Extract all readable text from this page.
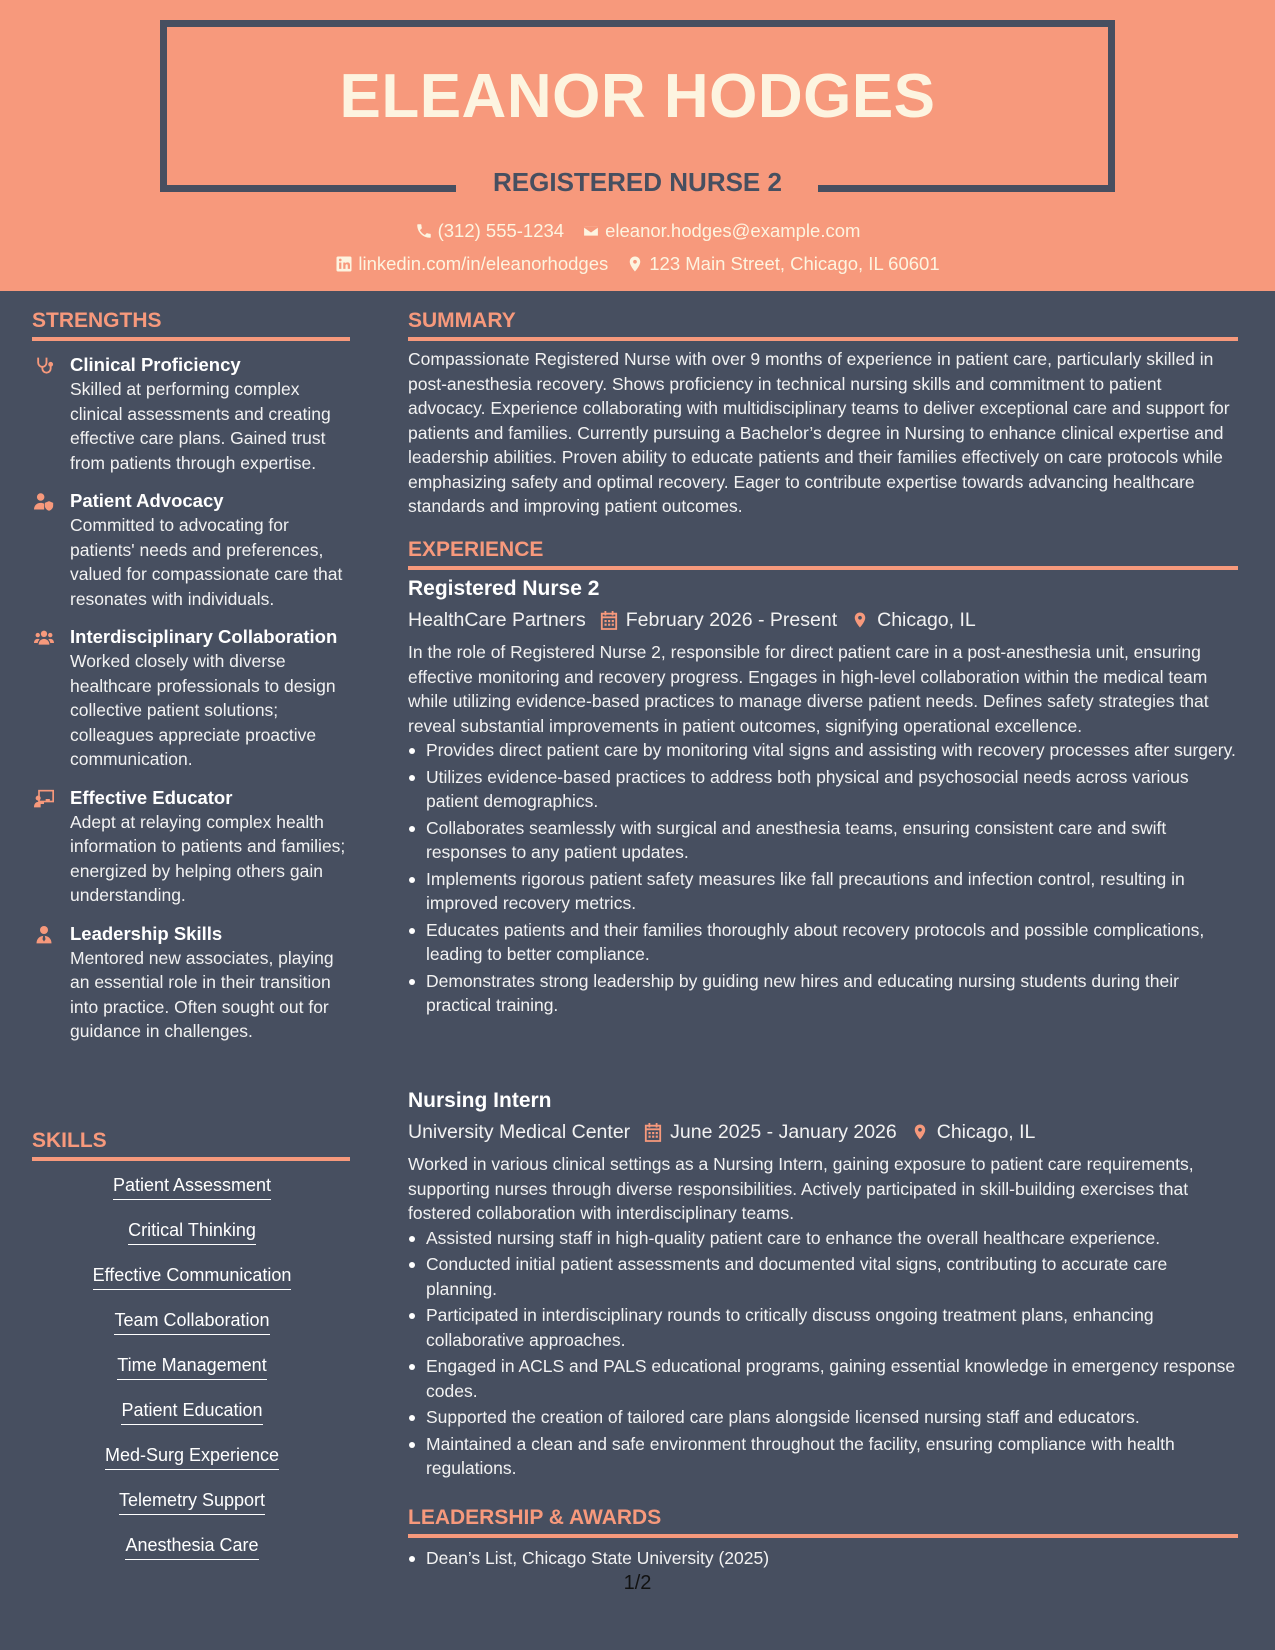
ELEANOR HODGES
REGISTERED NURSE 2
(312) 555-1234 eleanor.hodges@example.com
linkedin.com/in/eleanorhodges 123 Main Street, Chicago, IL 60601
STRENGTHS
Clinical Proficiency
Skilled at performing complex clinical assessments and creating effective care plans. Gained trust from patients through expertise.
Patient Advocacy
Committed to advocating for patients' needs and preferences, valued for compassionate care that resonates with individuals.
Interdisciplinary Collaboration
Worked closely with diverse healthcare professionals to design collective patient solutions; colleagues appreciate proactive communication.
Effective Educator
Adept at relaying complex health information to patients and families; energized by helping others gain understanding.
Leadership Skills
Mentored new associates, playing an essential role in their transition into practice. Often sought out for guidance in challenges.
SKILLS
Patient Assessment
Critical Thinking
Effective Communication
Team Collaboration
Time Management
Patient Education
Med-Surg Experience
Telemetry Support
Anesthesia Care
SUMMARY
Compassionate Registered Nurse with over 9 months of experience in patient care, particularly skilled in post-anesthesia recovery. Shows proficiency in technical nursing skills and commitment to patient advocacy. Experience collaborating with multidisciplinary teams to deliver exceptional care and support for patients and families. Currently pursuing a Bachelor’s degree in Nursing to enhance clinical expertise and leadership abilities. Proven ability to educate patients and their families effectively on care protocols while emphasizing safety and optimal recovery. Eager to contribute expertise towards advancing healthcare standards and improving patient outcomes.
EXPERIENCE
Registered Nurse 2
HealthCare Partners February 2026 - Present Chicago, IL
In the role of Registered Nurse 2, responsible for direct patient care in a post-anesthesia unit, ensuring effective monitoring and recovery progress. Engages in high-level collaboration within the medical team while utilizing evidence-based practices to manage diverse patient needs. Defines safety strategies that reveal substantial improvements in patient outcomes, signifying operational excellence.
Provides direct patient care by monitoring vital signs and assisting with recovery processes after surgery.
Utilizes evidence-based practices to address both physical and psychosocial needs across various patient demographics.
Collaborates seamlessly with surgical and anesthesia teams, ensuring consistent care and swift responses to any patient updates.
Implements rigorous patient safety measures like fall precautions and infection control, resulting in improved recovery metrics.
Educates patients and their families thoroughly about recovery protocols and possible complications, leading to better compliance.
Demonstrates strong leadership by guiding new hires and educating nursing students during their practical training.
Nursing Intern
University Medical Center June 2025 - January 2026 Chicago, IL
Worked in various clinical settings as a Nursing Intern, gaining exposure to patient care requirements, supporting nurses through diverse responsibilities. Actively participated in skill-building exercises that fostered collaboration with interdisciplinary teams.
Assisted nursing staff in high-quality patient care to enhance the overall healthcare experience.
Conducted initial patient assessments and documented vital signs, contributing to accurate care planning.
Participated in interdisciplinary rounds to critically discuss ongoing treatment plans, enhancing collaborative approaches.
Engaged in ACLS and PALS educational programs, gaining essential knowledge in emergency response codes.
Supported the creation of tailored care plans alongside licensed nursing staff and educators.
Maintained a clean and safe environment throughout the facility, ensuring compliance with health regulations.
LEADERSHIP & AWARDS
Dean’s List, Chicago State University (2025)
1/2
